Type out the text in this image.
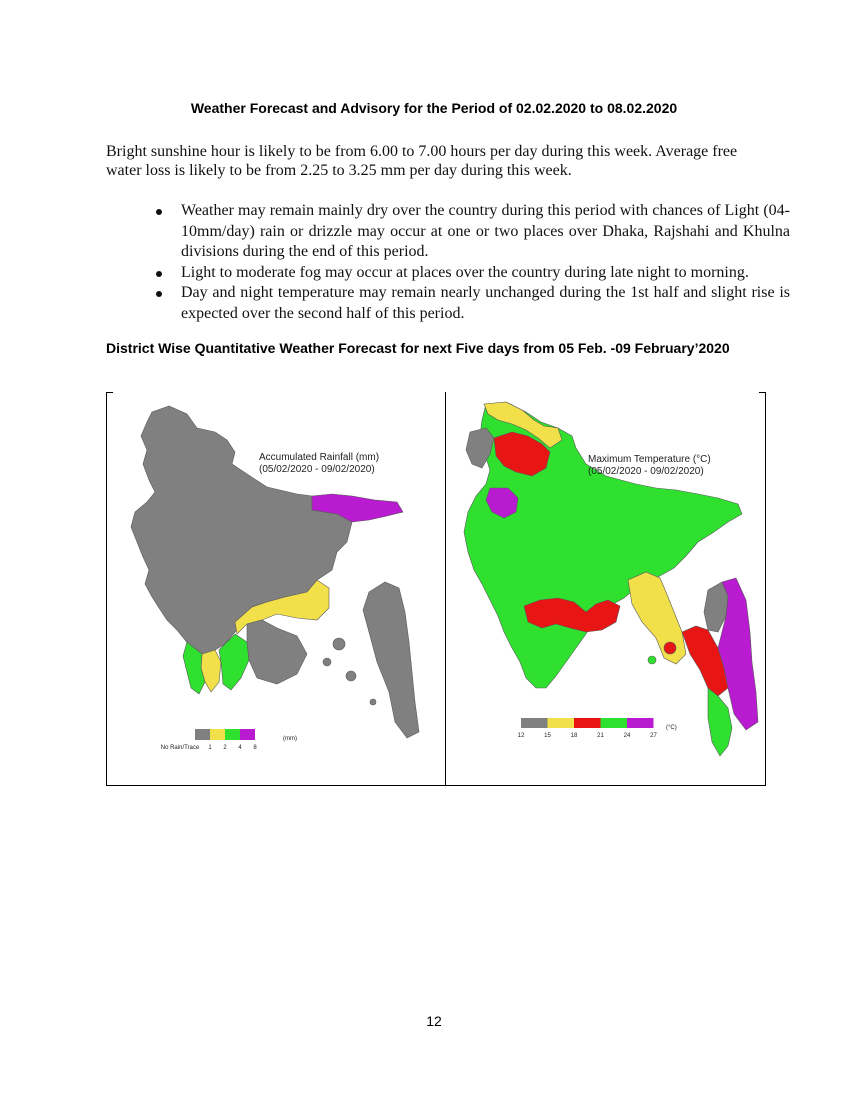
Weather Forecast and Advisory for the Period of 02.02.2020 to 08.02.2020
Bright sunshine hour is likely to be from 6.00 to 7.00 hours per day during this week. Average free water loss is likely to be from 2.25 to 3.25 mm per day during this week.
Weather may remain mainly dry over the country during this period with chances of Light (04-10mm/day) rain or drizzle may occur at one or two places over Dhaka, Rajshahi and Khulna divisions during the end of this period.
Light to moderate fog may occur at places over the country during late night to morning.
Day and night temperature may remain nearly unchanged during the 1st half and slight rise is expected over the second half of this period.
District Wise Quantitative Weather Forecast for next Five days from 05 Feb. -09 February’2020
Accumulated Rainfall (mm)
(05/02/2020 - 09/02/2020)
No Rain/Trace 1 2 4 8
(mm)
Maximum Temperature (°C)
(05/02/2020 - 09/02/2020)
12	15	18	21	24	27
(°C)
12
